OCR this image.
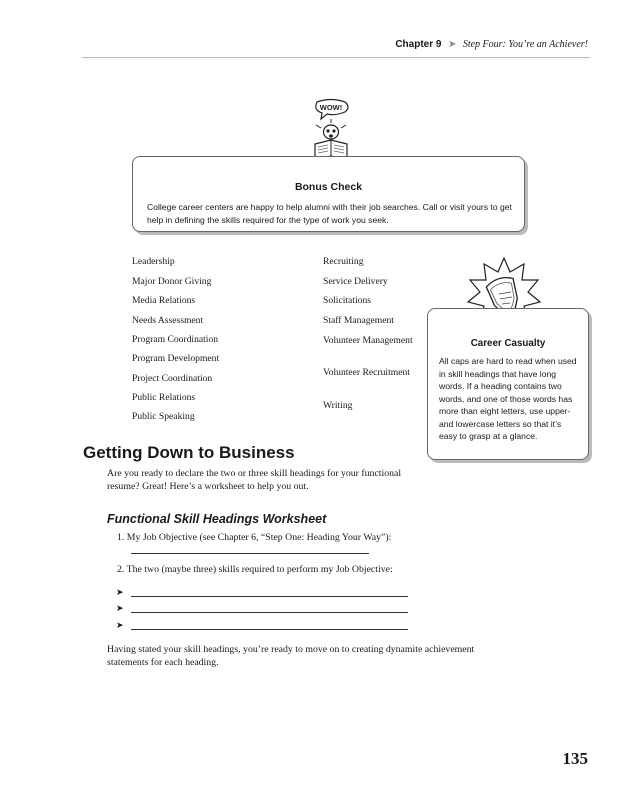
Chapter 9 ➤ Step Four: You’re an Achiever!
WOW!
Bonus Check
College career centers are happy to help alumni with their job searches. Call or visit yours to get help in defining the skills required for the type of work you seek.
Leadership
Major Donor Giving
Media Relations
Needs Assessment
Program Coordination
Program Development
Project Coordination
Public Relations
Public Speaking
Recruiting
Service Delivery
Solicitations
Staff Management
Volunteer Management
Volunteer Recruitment
Writing
Career Casualty
All caps are hard to read when used in skill headings that have long words. If a heading contains two words, and one of those words has more than eight letters, use upper- and lowercase letters so that it’s easy to grasp at a glance.
Getting Down to Business
Are you ready to declare the two or three skill headings for your functional resume? Great! Here’s a worksheet to help you out.
Functional Skill Headings Worksheet
1. My Job Objective (see Chapter 6, “Step One: Heading Your Way”):
2. The two (maybe three) skills required to perform my Job Objective:
➤
➤
➤
Having stated your skill headings, you’re ready to move on to creating dynamite achievement statements for each heading.
135
